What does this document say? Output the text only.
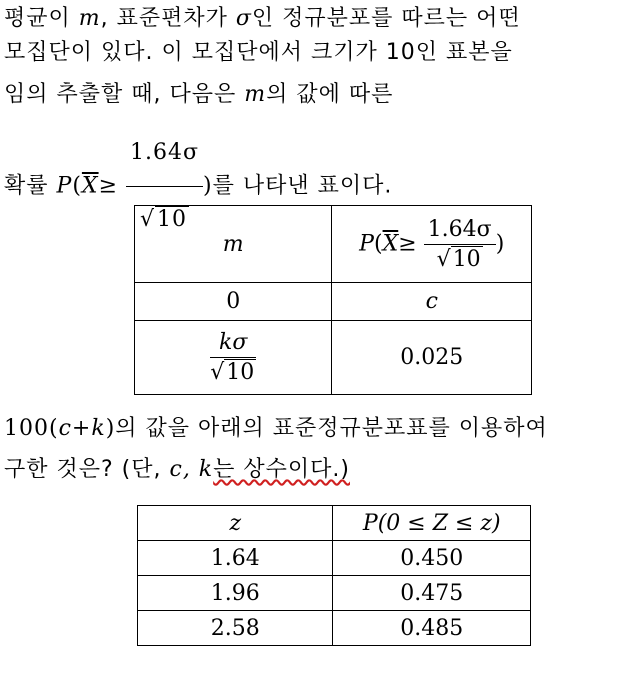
평균이 m, 표준편차가 σ인 정규분포를 따르는 어떤
모집단이 있다. 이 모집단에서 크기가 10인 표본을
임의 추출할 때, 다음은 m의 값에 따른
확률 $P(\overline{X}\ge \frac{1.64\sigma}{√10}$ )를 나타낸 표이다.
m	$P(\overline{X}\ge \frac{1.64\sigma}{√10}$ )
0	c

$\frac{k\sigma}{√10}$	0.025
100(c+k)의 값을 아래의 표준정규분포표를 이용하여
구한 것은? (단, c, k는 상수이다.)
z	P(0 ≤ Z ≤ z)
1.64	0.450
1.96	0.475
2.58	0.485
